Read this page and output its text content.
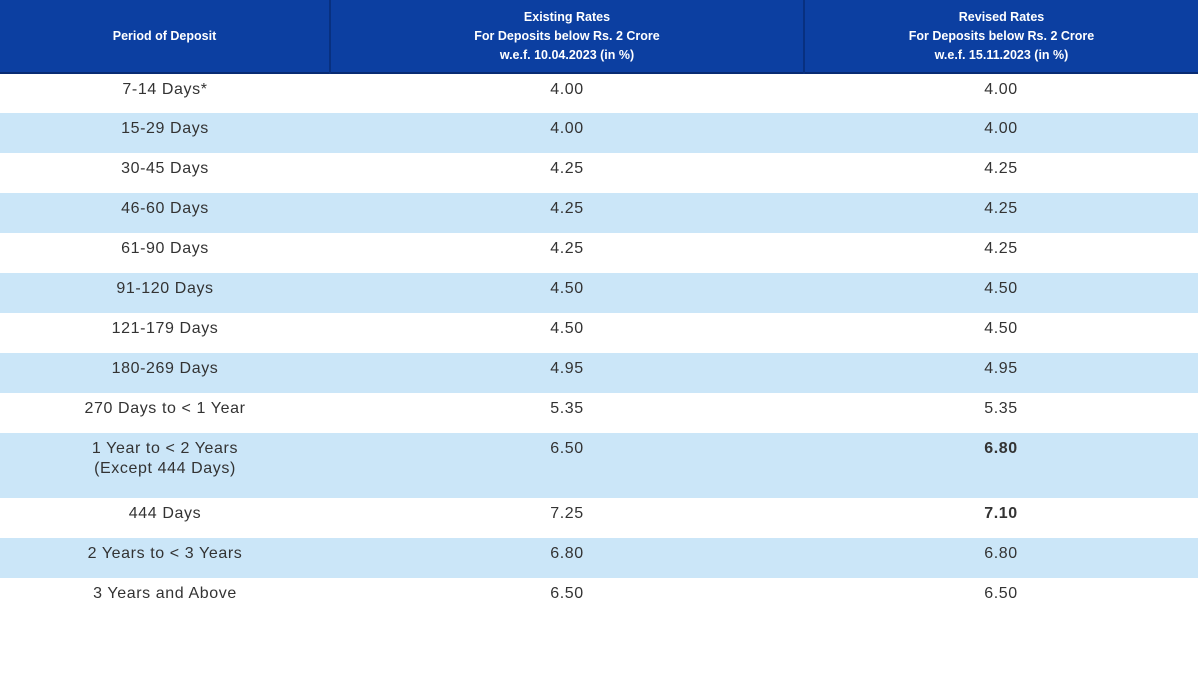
Period of Deposit	Existing Rates
For Deposits below Rs. 2 Crore
w.e.f. 10.04.2023 (in %)	Revised Rates
For Deposits below Rs. 2 Crore
w.e.f. 15.11.2023 (in %)

7-14 Days*	4.00	4.00

15-29 Days	4.00	4.00

30-45 Days	4.25	4.25

46-60 Days	4.25	4.25

61-90 Days	4.25	4.25

91-120 Days	4.50	4.50

121-179 Days	4.50	4.50

180-269 Days	4.95	4.95

270 Days to < 1 Year	5.35	5.35

1 Year to < 2 Years
(Except 444 Days)	6.50	6.80

444 Days	7.25	7.10

2 Years to < 3 Years	6.80	6.80

3 Years and Above	6.50	6.50
